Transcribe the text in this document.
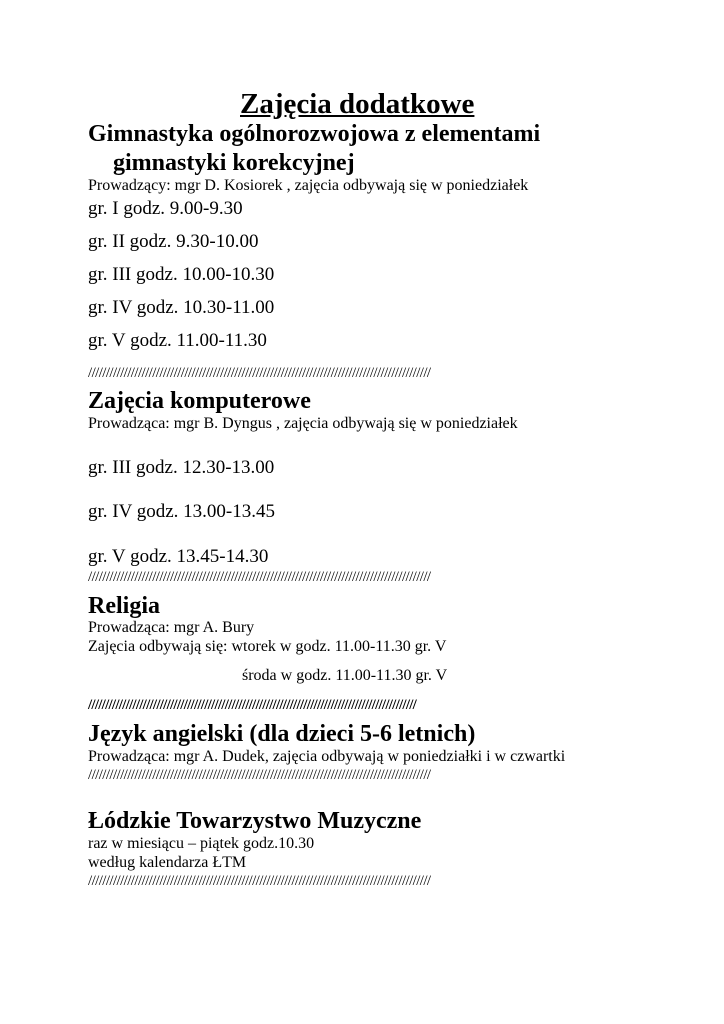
Zajęcia dodatkowe
Gimnastyka ogólnorozwojowa z elementami
gimnastyki korekcyjnej
Prowadzący: mgr D. Kosiorek , zajęcia odbywają się w poniedziałek
gr. I godz. 9.00-9.30
gr. II godz. 9.30-10.00
gr. III godz. 10.00-10.30
gr. IV godz. 10.30-11.00
gr. V godz. 11.00-11.30
////////////////////////////////////////////////////////////////////////////////////////////////
Zajęcia komputerowe
Prowadząca: mgr B. Dyngus , zajęcia odbywają się w poniedziałek
gr. III godz. 12.30-13.00
gr. IV godz. 13.00-13.45
gr. V godz. 13.45-14.30
////////////////////////////////////////////////////////////////////////////////////////////////
Religia
Prowadząca: mgr A. Bury
Zajęcia odbywają się: wtorek w godz. 11.00-11.30 gr. V
środa w godz. 11.00-11.30 gr. V
////////////////////////////////////////////////////////////////////////////////////////////////
Język angielski (dla dzieci 5-6 letnich)
Prowadząca: mgr A. Dudek, zajęcia odbywają w poniedziałki i w czwartki
////////////////////////////////////////////////////////////////////////////////////////////////
Łódzkie Towarzystwo Muzyczne
raz w miesiącu – piątek godz.10.30
według kalendarza ŁTM
////////////////////////////////////////////////////////////////////////////////////////////////
